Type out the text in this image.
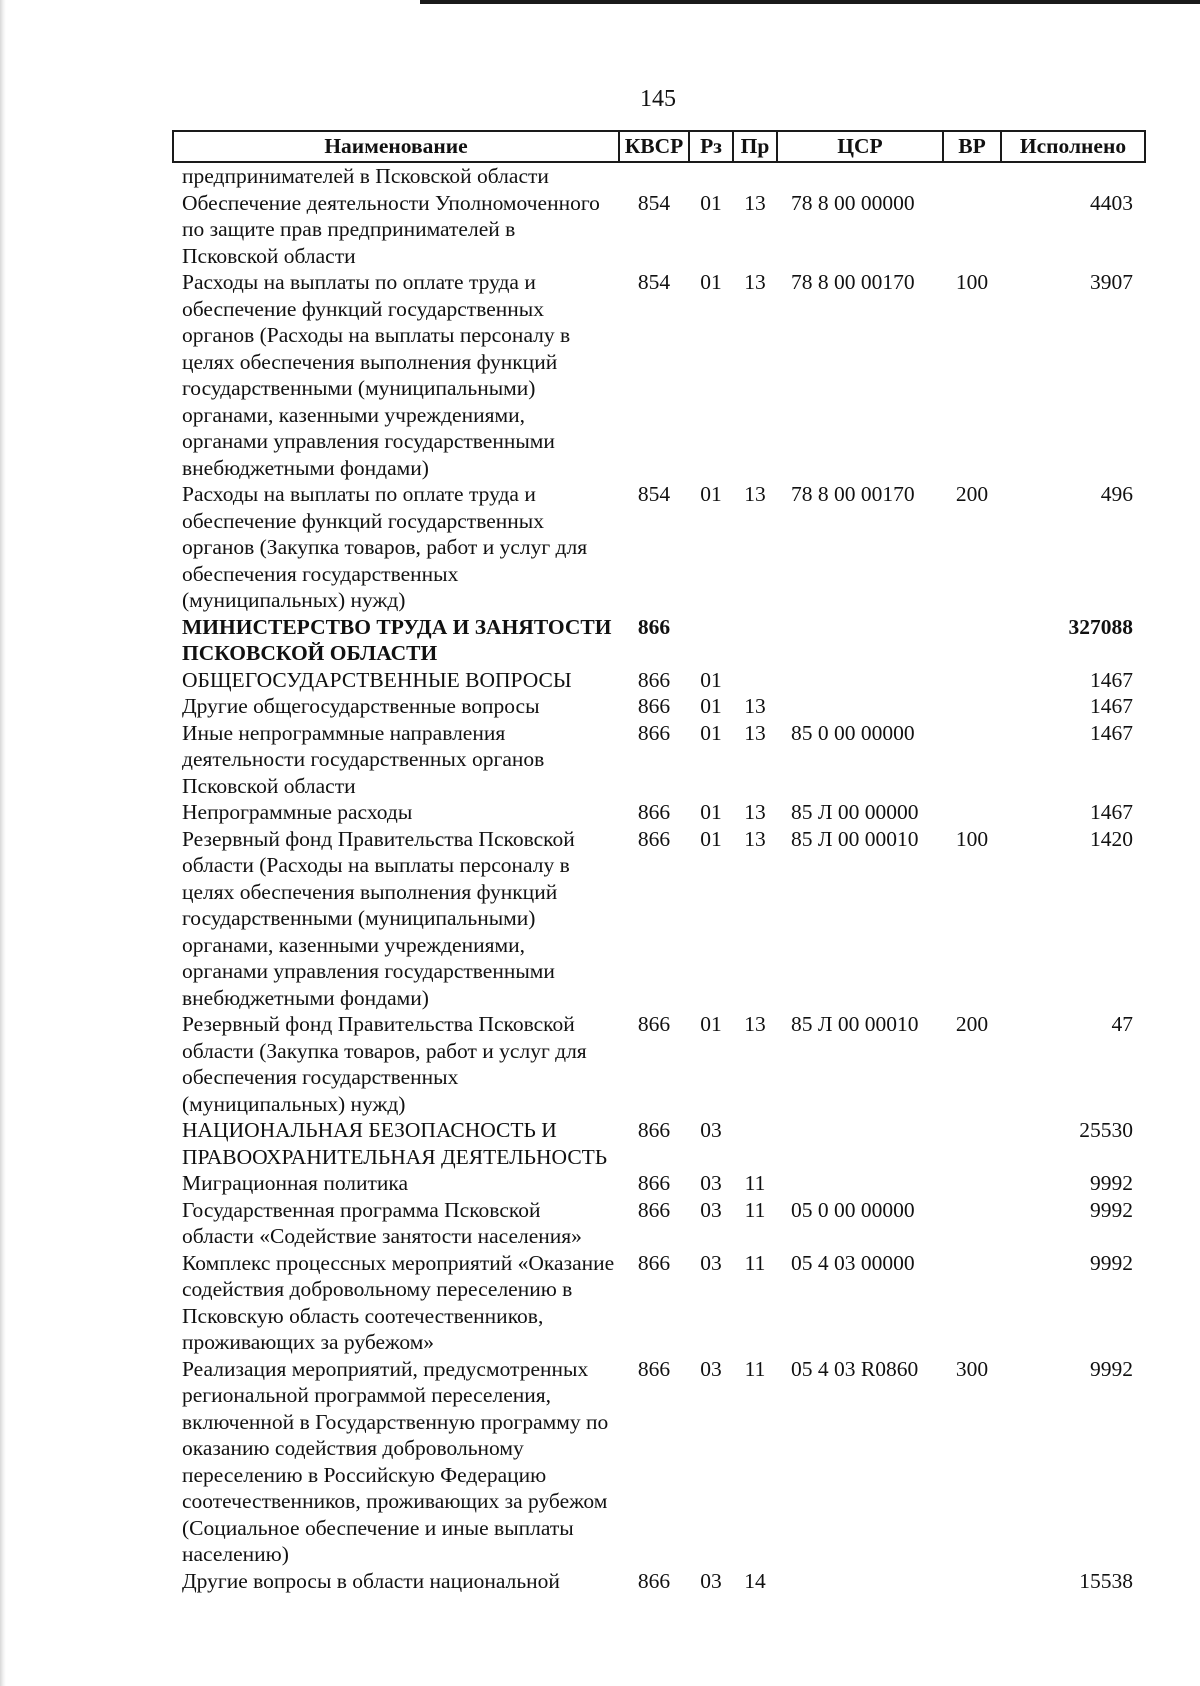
145
Наименование	КВСР	Рз	Пр	ЦСР	ВР	Исполнено
предпринимателей в Псковской области						
Обеспечение деятельности Уполномоченного по защите прав предпринимателей в Псковской области	854	01	13	78 8 00 00000		4403
Расходы на выплаты по оплате труда и обеспечение функций государственных органов (Расходы на выплаты персоналу в целях обеспечения выполнения функций государственными (муниципальными) органами, казенными учреждениями, органами управления государственными внебюджетными фондами)	854	01	13	78 8 00 00170	100	3907
Расходы на выплаты по оплате труда и обеспечение функций государственных органов (Закупка товаров, работ и услуг для обеспечения государственных (муниципальных) нужд)	854	01	13	78 8 00 00170	200	496
МИНИСТЕРСТВО ТРУДА И ЗАНЯТОСТИ ПСКОВСКОЙ ОБЛАСТИ	866					327088
ОБЩЕГОСУДАРСТВЕННЫЕ ВОПРОСЫ	866	01				1467
Другие общегосударственные вопросы	866	01	13			1467
Иные непрограммные направления деятельности государственных органов Псковской области	866	01	13	85 0 00 00000		1467
Непрограммные расходы	866	01	13	85 Л 00 00000		1467
Резервный фонд Правительства Псковской области (Расходы на выплаты персоналу в целях обеспечения выполнения функций государственными (муниципальными) органами, казенными учреждениями, органами управления государственными внебюджетными фондами)	866	01	13	85 Л 00 00010	100	1420
Резервный фонд Правительства Псковской области (Закупка товаров, работ и услуг для обеспечения государственных (муниципальных) нужд)	866	01	13	85 Л 00 00010	200	47
НАЦИОНАЛЬНАЯ БЕЗОПАСНОСТЬ И ПРАВООХРАНИТЕЛЬНАЯ ДЕЯТЕЛЬНОСТЬ	866	03				25530
Миграционная политика	866	03	11			9992
Государственная программа Псковской области «Содействие занятости населения»	866	03	11	05 0 00 00000		9992
Комплекс процессных мероприятий «Оказание содействия добровольному переселению в Псковскую область соотечественников, проживающих за рубежом»	866	03	11	05 4 03 00000		9992
Реализация мероприятий, предусмотренных региональной программой переселения, включенной в Государственную программу по оказанию содействия добровольному переселению в Российскую Федерацию соотечественников, проживающих за рубежом (Социальное обеспечение и иные выплаты населению)	866	03	11	05 4 03 R0860	300	9992
Другие вопросы в области национальной	866	03	14			15538
